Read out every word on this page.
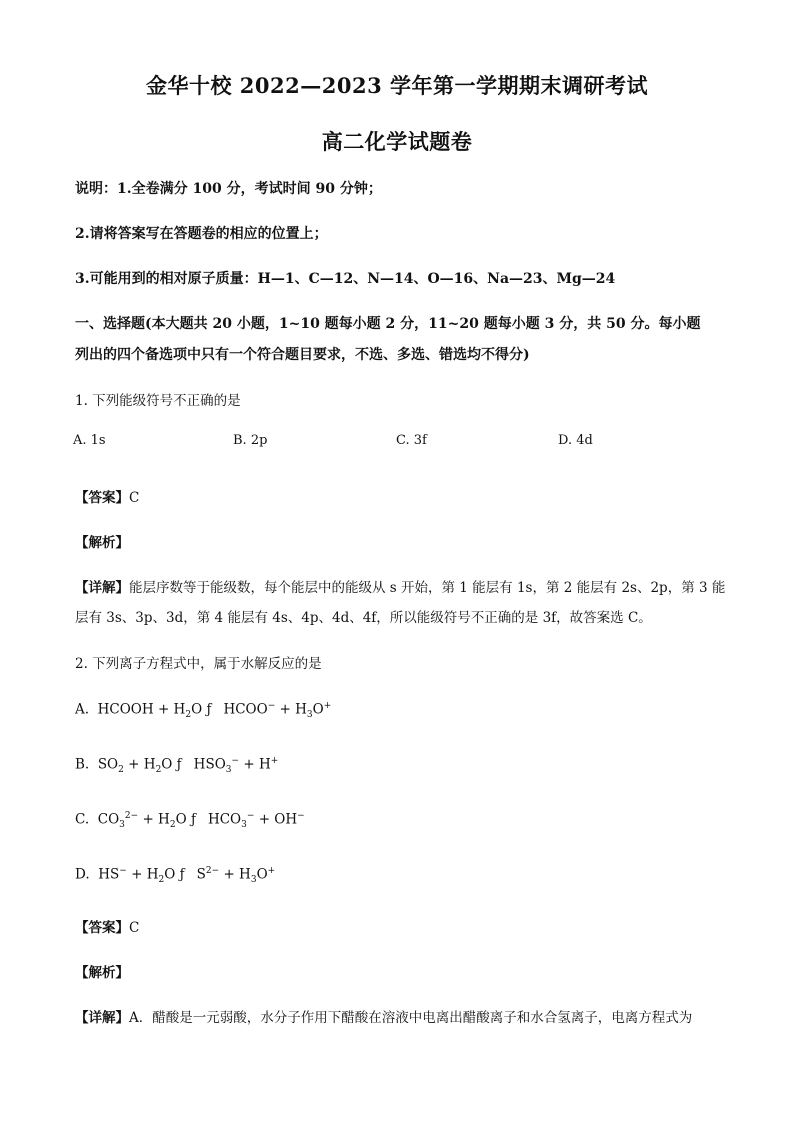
金华十校 2022—2023 学年第一学期期末调研考试
高二化学试题卷
说明：1.全卷满分 100 分，考试时间 90 分钟；
2.请将答案写在答题卷的相应的位置上；
3.可能用到的相对原子质量：H—1、C—12、N—14、O—16、Na—23、Mg—24
一、选择题(本大题共 20 小题，1~10 题每小题 2 分，11~20 题每小题 3 分，共 50 分。每小题
列出的四个备选项中只有一个符合题目要求，不选、多选、错选均不得分)
1. 下列能级符号不正确的是
A. 1s	B. 2p	C. 3f	D. 4d
【答案】C
【解析】
【详解】能层序数等于能级数，每个能层中的能级从 s 开始，第 1 能层有 1s，第 2 能层有 2s、2p，第 3 能
层有 3s、3p、3d，第 4 能层有 4s、4p、4d、4f，所以能级符号不正确的是 3f，故答案选 C。
2. 下列离子方程式中，属于水解反应的是
A. HCOOH + $H_2O$ ƒ HCOO− + $H_3O^+$
B. $SO_2 + H_2O$ ƒ $HSO_3^- + H^+$
C. $CO_3^{2-} + H_2O$ ƒ $HCO_3^- + OH^-$
D. $HS^- + H_2O$ ƒ $S^{2-} + H_3O^+$
【答案】C
【解析】
【详解】A．醋酸是一元弱酸，水分子作用下醋酸在溶液中电离出醋酸离子和水合氢离子，电离方程式为
